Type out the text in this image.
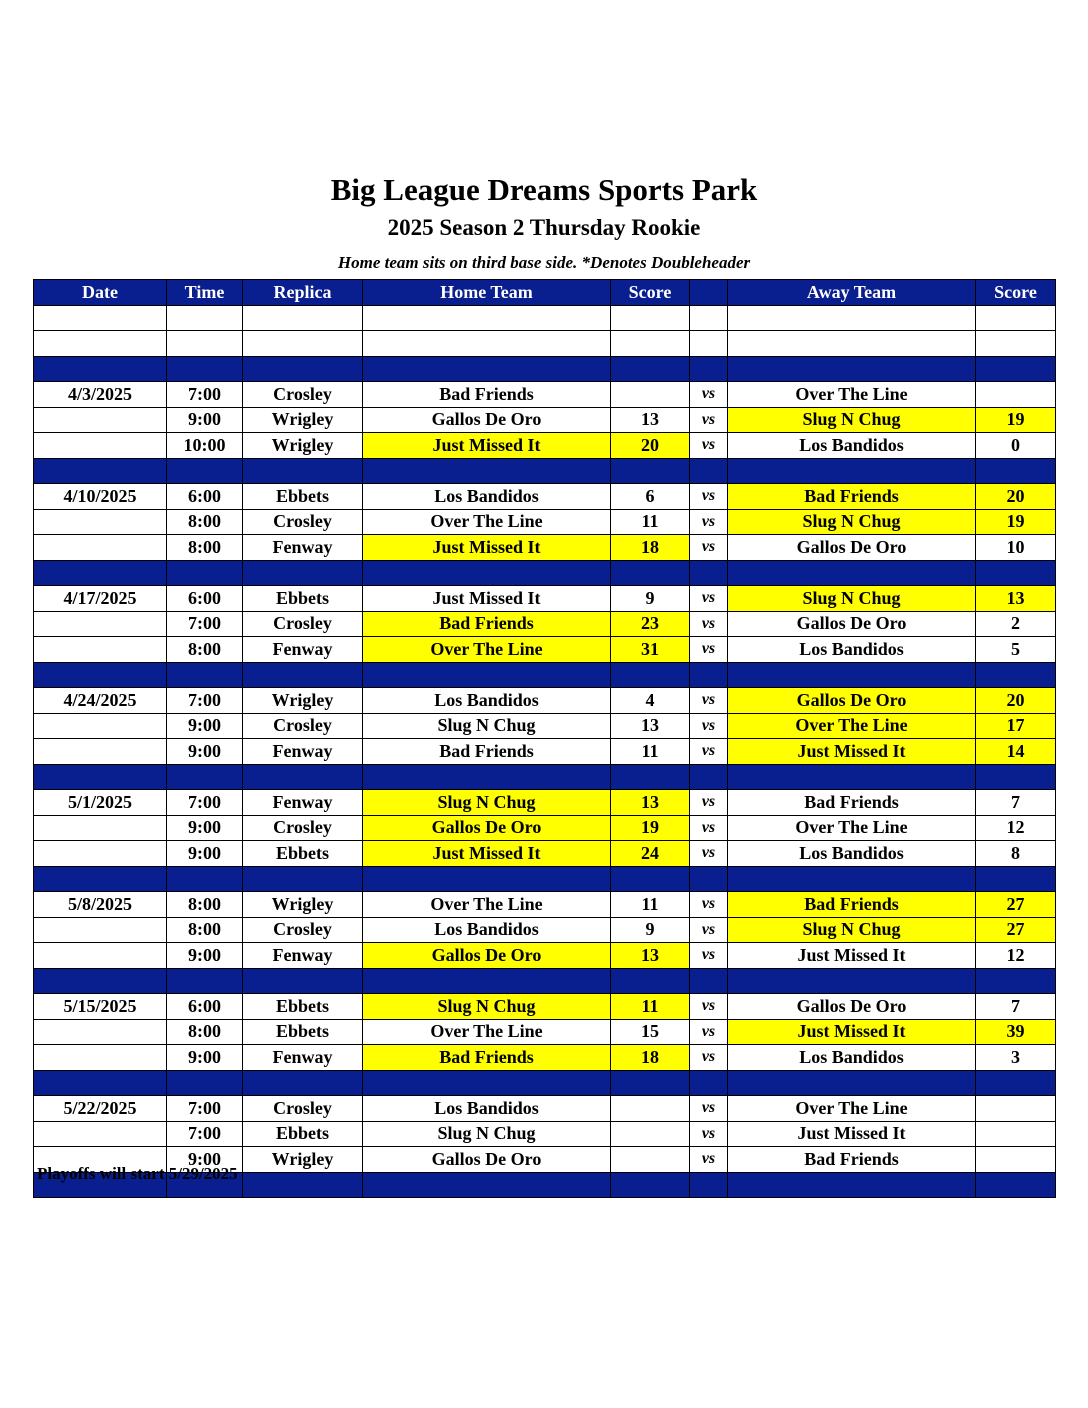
Big League Dreams Sports Park
2025 Season 2 Thursday Rookie
Home team sits on third base side. *Denotes Doubleheader
Date	Time	Replica	Home Team	Score		Away Team	Score

4/3/2025	7:00	Crosley	Bad Friends		vs	Over The Line	
	9:00	Wrigley	Gallos De Oro	13	vs	Slug N Chug	19
	10:00	Wrigley	Just Missed It	20	vs	Los Bandidos	0

4/10/2025	6:00	Ebbets	Los Bandidos	6	vs	Bad Friends	20
	8:00	Crosley	Over The Line	11	vs	Slug N Chug	19
	8:00	Fenway	Just Missed It	18	vs	Gallos De Oro	10

4/17/2025	6:00	Ebbets	Just Missed It	9	vs	Slug N Chug	13
	7:00	Crosley	Bad Friends	23	vs	Gallos De Oro	2
	8:00	Fenway	Over The Line	31	vs	Los Bandidos	5

4/24/2025	7:00	Wrigley	Los Bandidos	4	vs	Gallos De Oro	20
	9:00	Crosley	Slug N Chug	13	vs	Over The Line	17
	9:00	Fenway	Bad Friends	11	vs	Just Missed It	14

5/1/2025	7:00	Fenway	Slug N Chug	13	vs	Bad Friends	7
	9:00	Crosley	Gallos De Oro	19	vs	Over The Line	12
	9:00	Ebbets	Just Missed It	24	vs	Los Bandidos	8

5/8/2025	8:00	Wrigley	Over The Line	11	vs	Bad Friends	27
	8:00	Crosley	Los Bandidos	9	vs	Slug N Chug	27
	9:00	Fenway	Gallos De Oro	13	vs	Just Missed It	12

5/15/2025	6:00	Ebbets	Slug N Chug	11	vs	Gallos De Oro	7
	8:00	Ebbets	Over The Line	15	vs	Just Missed It	39
	9:00	Fenway	Bad Friends	18	vs	Los Bandidos	3

5/22/2025	7:00	Crosley	Los Bandidos		vs	Over The Line	
	7:00	Ebbets	Slug N Chug		vs	Just Missed It	
	9:00	Wrigley	Gallos De Oro		vs	Bad Friends	

Playoffs will start 5/29/2025
